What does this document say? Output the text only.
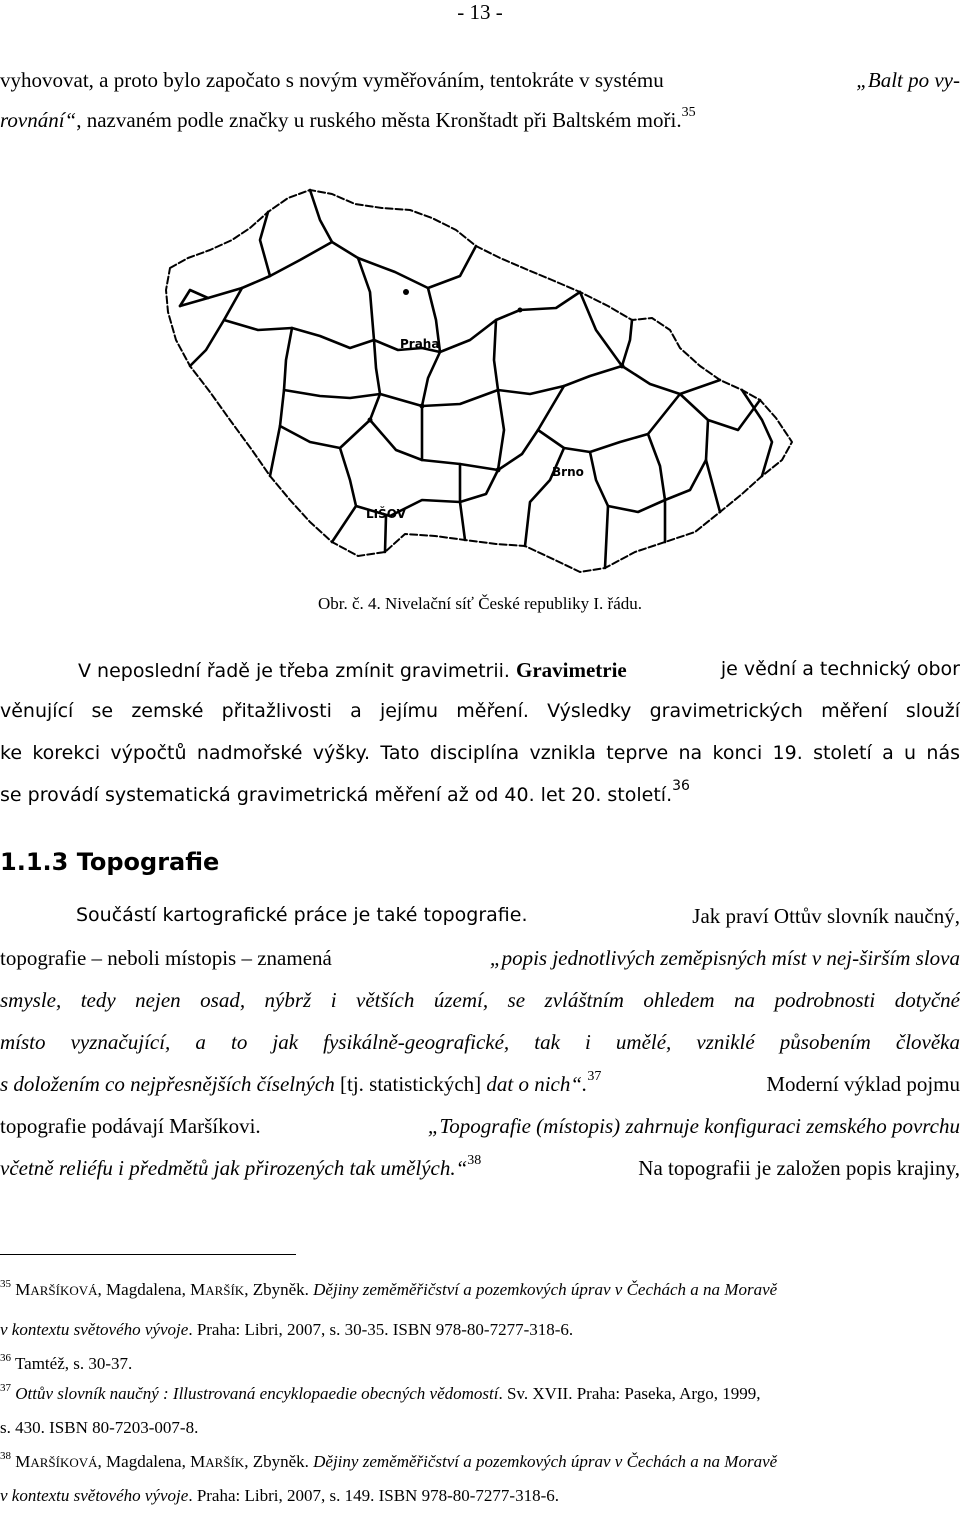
- 13 -
vyhovovat, a proto bylo započato s novým vyměřováním, tentokráte v systému	„Balt po vy-
rovnání“, nazvaném podle značky u ruského města Kronštadt při Baltském moři.$^{35}$
Praha
Brno
LIŠOV
Obr. č. 4. Nivelační síť České republiky I. řádu.
V neposlední řadě je třeba zmínit gravimetrii. Gravimetrie	je vědní a technický obor
věnující se zemské přitažlivosti a jejímu měření. Výsledky gravimetrických měření slouží
ke korekci výpočtů nadmořské výšky. Tato disciplína vznikla teprve na konci 19. století a u nás
se provádí systematická gravimetrická měření až od 40. let 20. století.$^{36}$
1.1.3 Topografie
Součástí kartografické práce je také topografie.	Jak praví Ottův slovník naučný,
topografie – neboli místopis – znamená	„popis jednotlivých zeměpisných míst v nej-širším slova
smysle, tedy nejen osad, nýbrž i větších území, se zvláštním ohledem na podrobnosti dotyčné
místo vyznačující, a to jak fysikálně-geografické, tak i umělé, vzniklé působením člověka
s doložením co nejpřesnějších číselných [tj. statistických] dat o nich“.$^{37}$	Moderní výklad pojmu
topografie podávají Maršíkovi.	„Topografie (místopis) zahrnuje konfiguraci zemského povrchu
včetně reliéfu i předmětů jak přirozených tak umělých.“$^{38}$	Na topografii je založen popis krajiny,
$^{35}$ MARŠÍKOVÁ, Magdalena, MARŠÍK, Zbyněk. Dějiny zeměměřičství a pozemkových úprav v Čechách a na Moravě
v kontextu světového vývoje. Praha: Libri, 2007, s. 30-35. ISBN 978-80-7277-318-6.
$^{36}$ Tamtéž, s. 30-37.
$^{37}$ Ottův slovník naučný : Illustrovaná encyklopaedie obecných vědomostí. Sv. XVII. Praha: Paseka, Argo, 1999,
s. 430. ISBN 80-7203-007-8.
$^{38}$ MARŠÍKOVÁ, Magdalena, MARŠÍK, Zbyněk. Dějiny zeměměřičství a pozemkových úprav v Čechách a na Moravě
v kontextu světového vývoje. Praha: Libri, 2007, s. 149. ISBN 978-80-7277-318-6.
